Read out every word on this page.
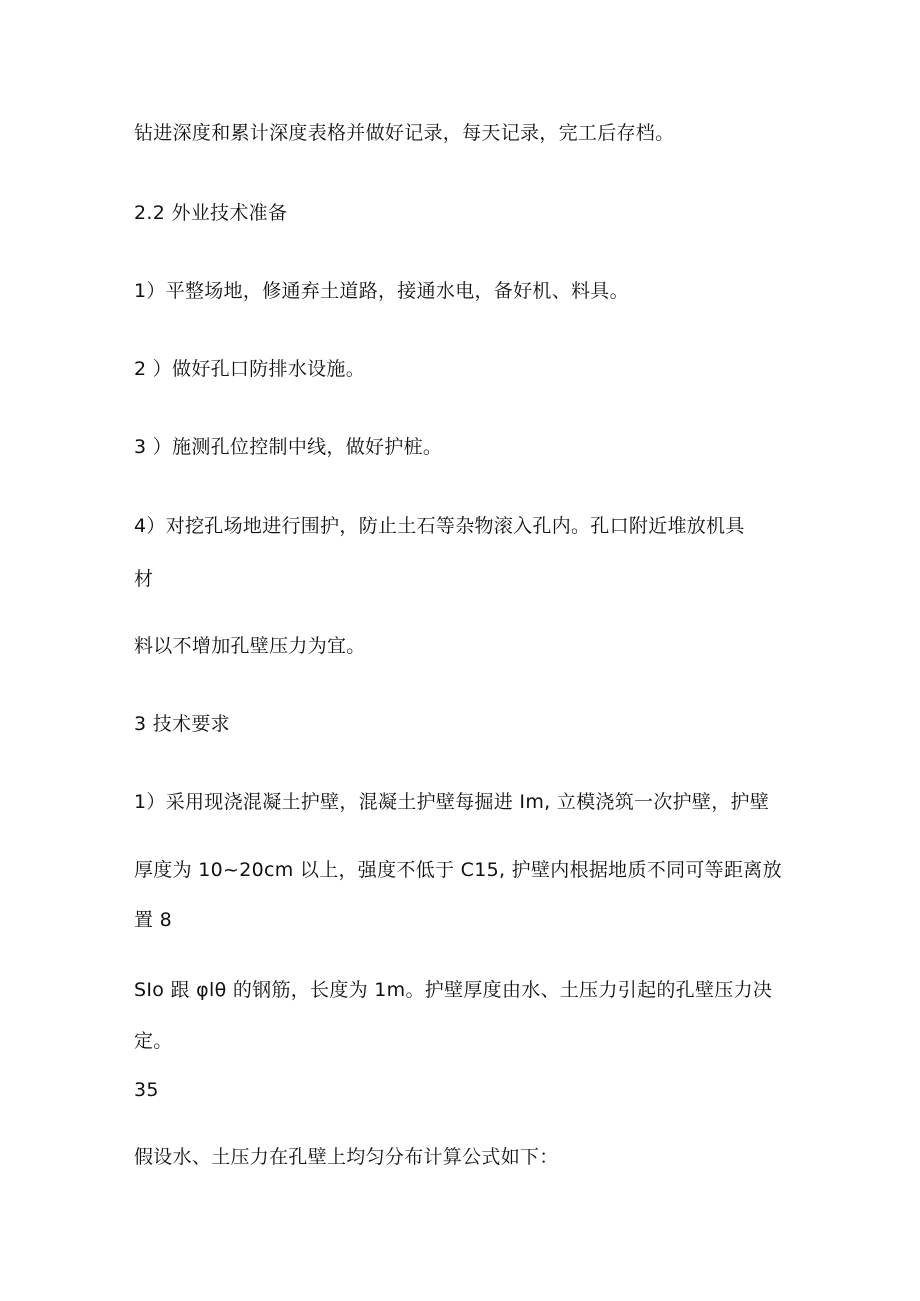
钻进深度和累计深度表格并做好记录，每天记录，完工后存档。
2.2 外业技术准备
1）平整场地，修通弃土道路，接通水电，备好机、料具。
2 ）做好孔口防排水设施。
3 ）施测孔位控制中线，做好护桩。
4）对挖孔场地进行围护，防止土石等杂物滚入孔内。孔口附近堆放机具
材
料以不增加孔壁压力为宜。
3 技术要求
1）采用现浇混凝土护壁，混凝土护壁每掘进 Im, 立模浇筑一次护壁，护壁
厚度为 10~20cm 以上，强度不低于 C15, 护壁内根据地质不同可等距离放
置 8
SIo 跟 φlθ 的钢筋，长度为 1m。护壁厚度由水、土压力引起的孔壁压力决
定。
35
假设水、土压力在孔壁上均匀分布计算公式如下：
